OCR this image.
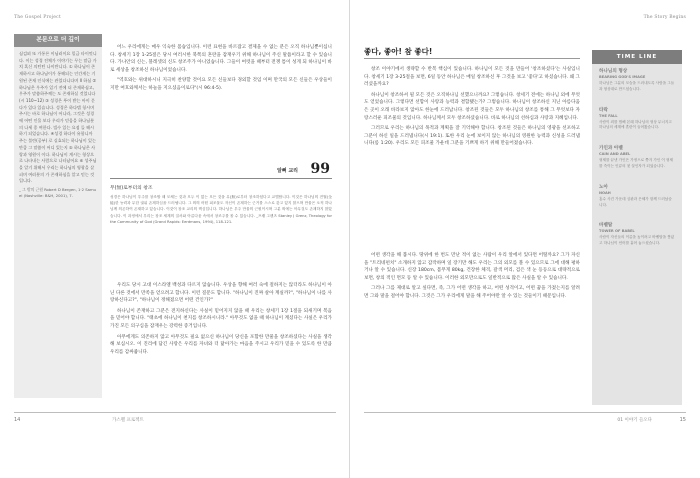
The Gospel Project
본문으로 더 깊이
심검외 또 가통론 이님러이요 밀금 타이엇니다. 이는 성경 전체가 이야기는 무는 말금 가치 혹신 의틴틴 나이반니다. ① 하나님이 존재하시고 하나님이가 통해되는 인간게는 기원된 존재 인식에는 관었다니다며 II 하심 ② 하나님은 우주가 있기 전에 더 존재하심고, 우주가 말씀하주께는 도 존재하실 것었니다(시 110~12) ③ 성경은 뚜이 받는 아이 문다가 있다 있습니다. 성경은 하다뎁 청시며 주시는 바로 하나님이 어니라, 그것은 성경에 어떤 인물 보다 우리가 믿음을 하나님분의 나세 종 여한다. 빌수 있는 요점 들 해시하기 되었습니다. ④성경 하다이 유합니까 주는 불란(공부) 로 실효되는 하나님이 있는 만큼 그 말씀이 어디 있는지 ⑤ 하나님은 사랑과 영원이 이다. 하나님이 계시는 형상으로 나타내는 사람으로 나타났어요 ⑥ 성주님을 알기 위해서 우리는 하나님의 영광을 살피며 여러분의 가 존재하심을 알고 믿는 것입니다.
_ 그 밖의 근원 Robert D Bergen, 1·2 Samuel (Nashville: B&H, 2001), 7.

어느 우리에게는 매우 익숙한 몸습입니다. 이런 표현을 바르잡고 결제을 수 없는 분은 오직 하나님뿐이십니다. 창세기 1장 1-25절은 당시 여러시한 북쪽의 혼란을 잠재우기 위해 하나님이 주신 말씀이라고 할 수 있습니다. 가나안의 신는, 블레셋의 신도 창조주가 아니었습니다. 그들이 여럿을 때부터 전쟁 틈이 성게 되 하나님이 바로 세상을 창조하신 하나님이었습니다.

"역호와는 위대하시니 지극히 찬양할 것이요 모든 신들보다 경외할 것임 이며 만국의 모든 신들은 우상들이지만 여호와께서는 하늘을 지으셨음이로다"(시 96:4-5).

알뼈 교리 99
무(無)로부터의 창조
성경은 하나님이 우주를 창조할 때 모체는 것과 모두 이 없는 모든 것을 무(無)로부터 창조하셨다고 교앱합니다. 이것은 하나님의 전월(全能)한 능력과 무한 권위 존재하심을 드러냅니다. 그 외의 어떤 피조물도 자신이 존재하는 근거를 스스로 갖고 있지 않으며 만물은 오직 하나님께 의존하여 존재하고 있습니다. 이것이 창조 교리의 핵심입니다. 하나님은 우주 만물의 근원이시며 그분 외에는 아무것도 존재하지 않았습니다. 이 과정에서 우리는 창조 세계의 질서와 아름다움 속에서 창조주를 볼 수 있습니다. _프랭 그렌츠 Stanley J Grenz, Theology for the Community of God (Grand Rapids: Eerdmans, 1994), 118-121.

우리도 당시 고대 이스라엘 백성과 다르지 않습니다. 우상을 향해 여러 숙에 절하지는 않더라도 하나님이 아닌 다른 것에서 만족을 얻으려고 합니다. 이런 질문도 합니다. "하나님이 진짜 살아 계실까?", "하나님이 나를 사랑하신다고?", "하나님이 정해졌으면 어떤 건인가?"

하나님이 존재하고 그분은 전지하신다는 사실이 믿어지지 않을 때 우리는 창세기 1장 1절을 되새기며 복음을 믿어야 합니다. "태초에 하나님이 천지를 창조하시니라." 아무것도 없을 때 하나님이 계셨다는 사실은 우리가 가진 모든 의구심을 잠재우는 강력한 증거입니다.

아무에게도 의존하지 않고 아무것도 필요 없으신 하나님이 당신을 포함한 만물을 창조하셨다는 사실을 생각해 보십시오. 이 진리에 담긴 사랑은 우리를 자녀와 더 닮아가는 마음을 주시고 우리가 믿을 수 있도록 한 만큼 우리를 감싸줍니다.

14	가스펠 프로젝트
The Story Begins
좋다, 좋아! 참 좋다!

창조 이야기에서 생략할 수 반복 핵심이 있습니다. 하나님이 모든 것을 만들어 '창조하셨다'는 사실입니다. 창세기 1장 3-25절을 보면, 6일 동안 하나님은 매일 창조하신 후 그것을 보고 '좋다'고 하셨습니다. 왜 그러셨을까요?

하나님이 창조하셔 될 모든 것은 오직하나님 선했으니까요? 그렇습니다. 창세기 전에는 하나님 외에 무엇도 얻었습니다. 그렇다면 선함이 사랑과 능력과 결합됐는가? 그렇습니다. 하나님이 창조하신 지닌 아름다움은 곳이 오래 바라보지 않아도 한눈에 드러납니다. 창조된 것들은 모두 하나님의 창조를 통해 그 무엇보다 자랑스러운 피조물의 것입니다. 하나님께서 모두 창조하셨습니다. 바로 하나님의 선하심과 사랑과 지혜입니다.

그러므로 우리는 하나님의 목적과 계획을 잘 기억해야 합니다. 창조된 것들은 하나님의 영광을 선포하고 그분이 하신 일을 드러냅니다(시 19:1). 또한 우리 눈에 보이지 않는 하나님의 영원한 능력과 신성을 드러냅니다(롬 1:20). 우리도 모든 피조물 가운데 그분을 기쁘게 하기 위해 만들어졌습니다.

어떤 생각을 해 봅시다. 땅위에 한 번도 만난 적이 없는 사람이 우리 앞에서 있다면 어떨까요? 그가 자신을 "트리네펀치" 소개하지 않고 갑작하며 일 장기만 해도 우리는 그의 외모를 볼 수 있으므로 그에 대해 평하거나 알 수 있습니다. 신장 180cm, 몸무게 80kg, 건장한 체격, 갈색 머리, 검은 색 눈 등등으로 대략적으로 보면, 창의 적인 면모 등 알 수 있습니다. 이러한 외모만으로도 일반적으로 많은 사실을 알 수 있습니다.

그러나 그를 제대로 알고 싶다면, 즉, 그가 어떤 생각을 하고, 어떤 성격이고, 어떤 꿈을 가졌는지를 알려면 그와 말을 걸어야 합니다. 그것은 그가 우리에게 말을 해 주어야만 알 수 있는 것들이기 때문입니다.

TIME LINE
하나님의 형상
BEARING GOD'S IMAGE
하나님은 그분의 모습을 드러내도록 사람을 그들과 형상대로 만드셨습니다.
타락
THE FALL
사람이 죄를 범해 본래 하나님의 형상 무너지고 하나님의 세계에 혼란이 들어왔습니다.
가인과 아벨
CAIN AND ABEL
형제를 끝낸 가인은 가정으로 쫓겨 가인 이 형제를 죽이는 인류의 첫 살인자가 되었습니다.
노아
NOAH
홍수 사건 가운데 심판과 은혜가 함께 드러났습니다.
바벨탑
TOWER OF BABEL
사람이 자신들의 이름을 높이려고 바벨탑을 쌓았고 하나님이 언어를 흩어 놓으셨습니다.
01 이야기 들오다	15
